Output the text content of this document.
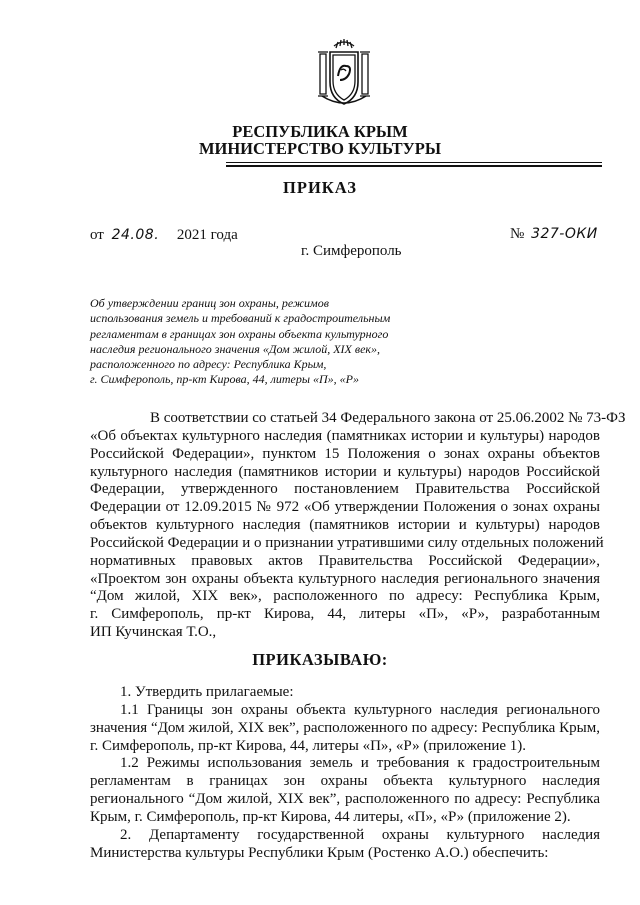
РЕСПУБЛИКА КРЫМ
МИНИСТЕРСТВО КУЛЬТУРЫ
ПРИКАЗ
от 24.08. 2021 года	№ 327-ОКИ
г. Симферополь
Об утверждении границ зон охраны, режимов
использования земель и требований к градостроительным
регламентам в границах зон охраны объекта культурного
наследия регионального значения «Дом жилой, XIX век»,
расположенного по адресу: Республика Крым,
г. Симферополь, пр-кт Кирова, 44, литеры «П», «Р»
В соответствии со статьей 34 Федерального закона от 25.06.2002 № 73-ФЗ
«Об объектах культурного наследия (памятниках истории и культуры) народов
Российской Федерации», пунктом 15 Положения о зонах охраны объектов
культурного наследия (памятников истории и культуры) народов Российской
Федерации, утвержденного постановлением Правительства Российской
Федерации от 12.09.2015 № 972 «Об утверждении Положения о зонах охраны
объектов культурного наследия (памятников истории и культуры) народов
Российской Федерации и о признании утратившими силу отдельных положений
нормативных правовых актов Правительства Российской Федерации»,
«Проектом зон охраны объекта культурного наследия регионального значения
“Дом жилой, XIX век», расположенного по адресу: Республика Крым,
г. Симферополь, пр-кт Кирова, 44, литеры «П», «Р», разработанным
ИП Кучинская Т.О.,
ПРИКАЗЫВАЮ:
1. Утвердить прилагаемые:
1.1 Границы зон охраны объекта культурного наследия регионального
значения “Дом жилой, XIX век”, расположенного по адресу: Республика Крым,
г. Симферополь, пр-кт Кирова, 44, литеры «П», «Р» (приложение 1).
1.2 Режимы использования земель и требования к градостроительным
регламентам в границах зон охраны объекта культурного наследия
регионального “Дом жилой, XIX век”, расположенного по адресу: Республика
Крым, г. Симферополь, пр-кт Кирова, 44 литеры, «П», «Р» (приложение 2).
2. Департаменту государственной охраны культурного наследия
Министерства культуры Республики Крым (Ростенко А.О.) обеспечить:
